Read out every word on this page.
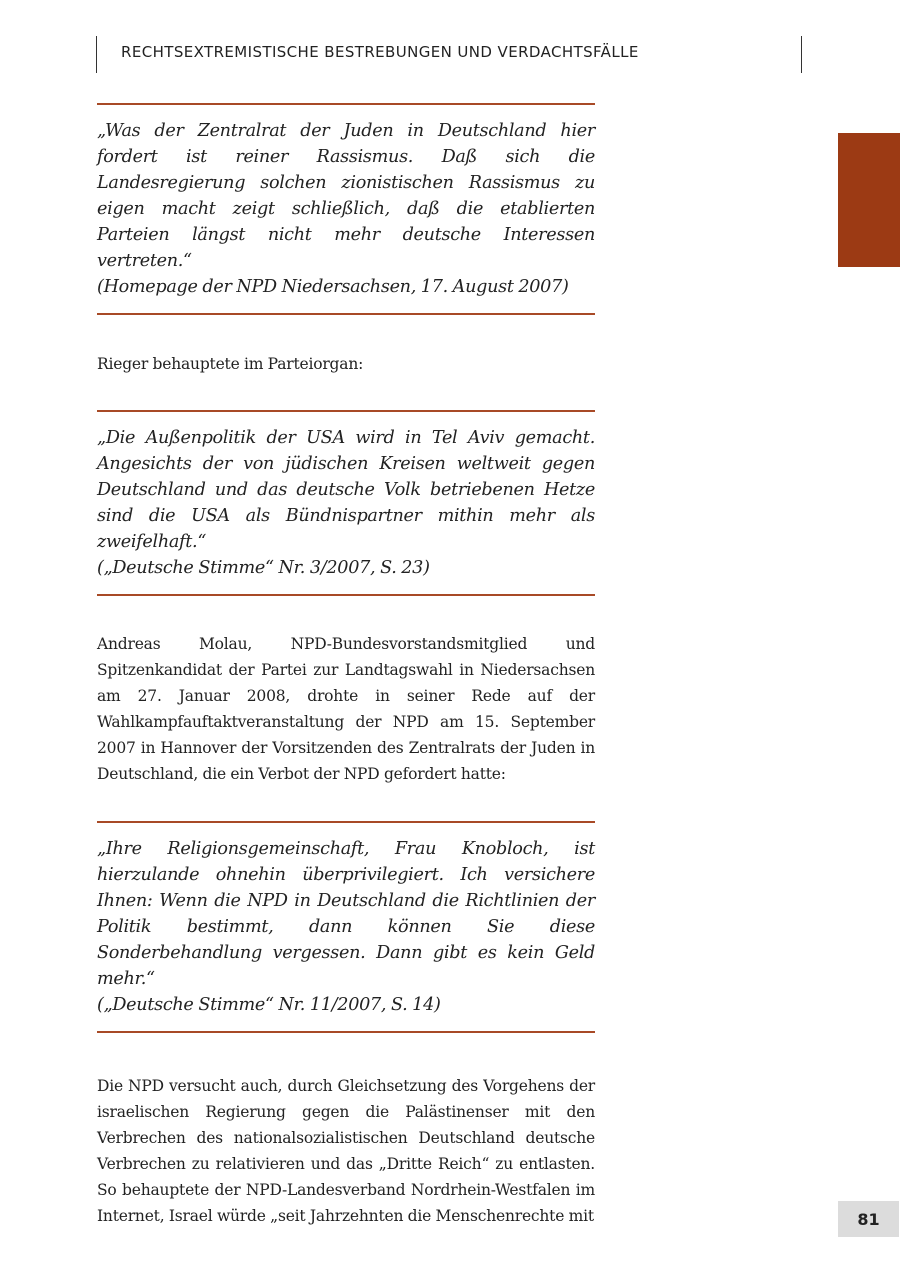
RECHTSEXTREMISTISCHE BESTREBUNGEN UND VERDACHTSFÄLLE
„Was der Zentralrat der Juden in Deutschland hier fordert ist reiner Rassismus. Daß sich die Landesregierung solchen zionistischen Rassismus zu eigen macht zeigt schließlich, daß die etablierten Parteien längst nicht mehr deutsche Interessen vertreten.“
(Homepage der NPD Niedersachsen, 17. August 2007)

Rieger behauptete im Parteiorgan:

„Die Außenpolitik der USA wird in Tel Aviv gemacht. Angesichts der von jüdischen Kreisen weltweit gegen Deutschland und das deutsche Volk betriebenen Hetze sind die USA als Bündnispartner mithin mehr als zweifelhaft.“
(„Deutsche Stimme“ Nr. 3/2007, S. 23)

Andreas Molau, NPD-Bundesvorstandsmitglied und Spitzenkandidat der Partei zur Landtagswahl in Niedersachsen am 27. Januar 2008, drohte in seiner Rede auf der Wahlkampfauftaktveranstaltung der NPD am 15. September 2007 in Hannover der Vorsitzenden des Zentralrats der Juden in Deutschland, die ein Verbot der NPD gefordert hatte:

„Ihre Religionsgemeinschaft, Frau Knobloch, ist hierzulande ohnehin überprivilegiert. Ich versichere Ihnen: Wenn die NPD in Deutschland die Richtlinien der Politik bestimmt, dann können Sie diese Sonderbehandlung vergessen. Dann gibt es kein Geld mehr.“
(„Deutsche Stimme“ Nr. 11/2007, S. 14)

Die NPD versucht auch, durch Gleichsetzung des Vorgehens der israelischen Regierung gegen die Palästinenser mit den Verbrechen des nationalsozialistischen Deutschland deutsche Verbrechen zu relativieren und das „Dritte Reich“ zu entlasten. So behauptete der NPD-Landesverband Nordrhein-Westfalen im Internet, Israel würde „seit Jahrzehnten die Menschenrechte mit	81
